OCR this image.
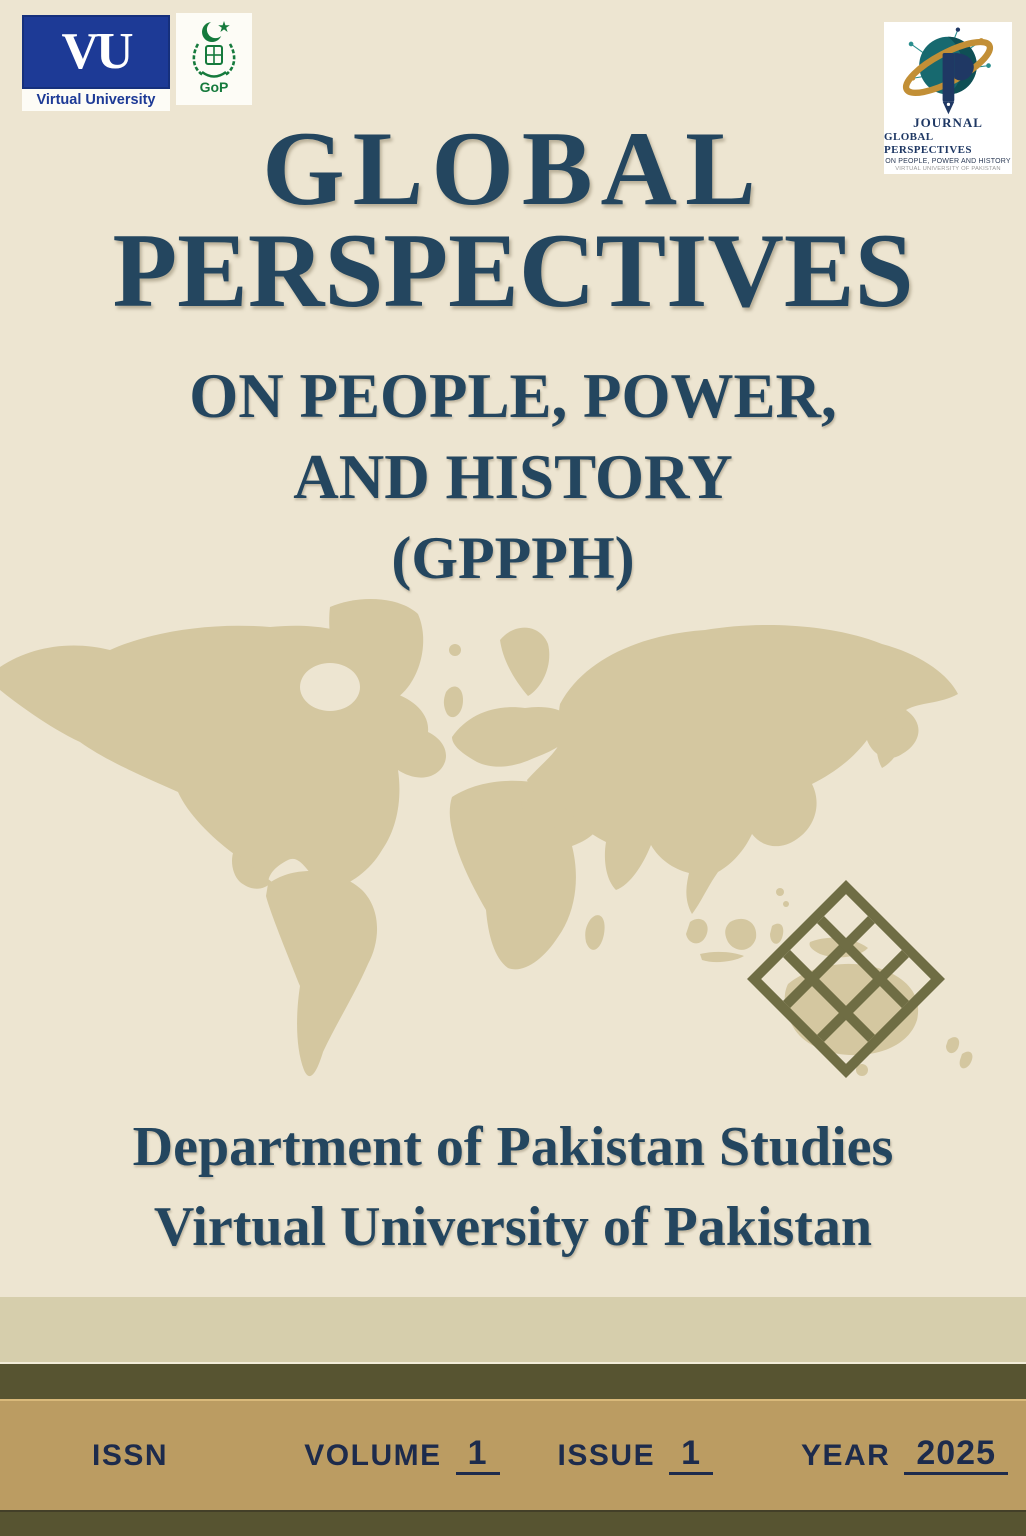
VU
Virtual University
GoP
JOURNAL
GLOBAL PERSPECTIVES
ON PEOPLE, POWER AND HISTORY
VIRTUAL UNIVERSITY OF PAKISTAN
GLOBAL
PERSPECTIVES
ON PEOPLE, POWER,
AND HISTORY
(GPPPH)
Department of Pakistan Studies
Virtual University of Pakistan
ISSN	VOLUME 1	ISSUE 1	YEAR 2025
